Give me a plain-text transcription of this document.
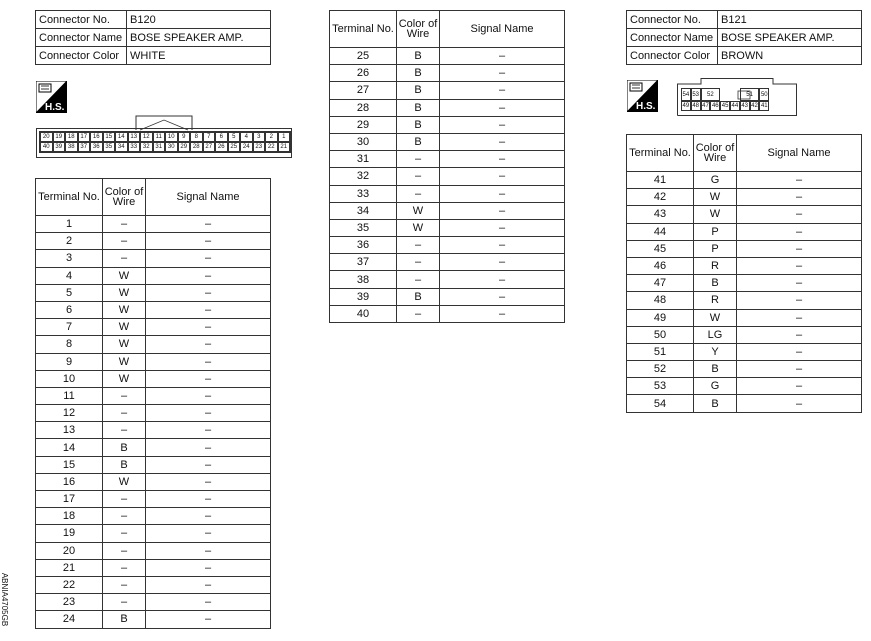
Connector No.	B120
Connector Name	BOSE SPEAKER AMP.
Connector Color	WHITE
H.S.
20 19 18 17 16 15 14 13 12	11	10	9	8	7	6	5	4	3	2	1
40 39 38 37 36 35 34 33 32 31 30 29 28 27 26 25 24 23 22 21
Terminal No.	Color of
Wire	Signal Name
1	–	–
2	–	–
3	–	–
4	W	–
5	W	–
6	W	–
7	W	–
8	W	–
9	W	–
10	W	–
11	–	–
12	–	–
13	–	–
14	B	–
15	B	–
16	W	–
17	–	–
18	–	–
19	–	–
20	–	–
21	–	–
22	–	–
23	–	–
24	B	–
Terminal No.	Color of
Wire	Signal Name
25	B	–
26	B	–
27	B	–
28	B	–
29	B	–
30	B	–
31	–	–
32	–	–
33	–	–
34	W	–
35	W	–
36	–	–
37	–	–
38	–	–
39	B	–
40	–	–
Connector No.	B121
Connector Name	BOSE SPEAKER AMP.
Connector Color	BROWN
H.S.
54 53	52	51	50
49 48 47 46 45 44 43 42 41
Terminal No.	Color of
Wire	Signal Name
41	G	–
42	W	–
43	W	–
44	P	–
45	P	–
46	R	–
47	B	–
48	R	–
49	W	–
50	LG	–
51	Y	–
52	B	–
53	G	–
54	B	–
ABNIA4705GB
